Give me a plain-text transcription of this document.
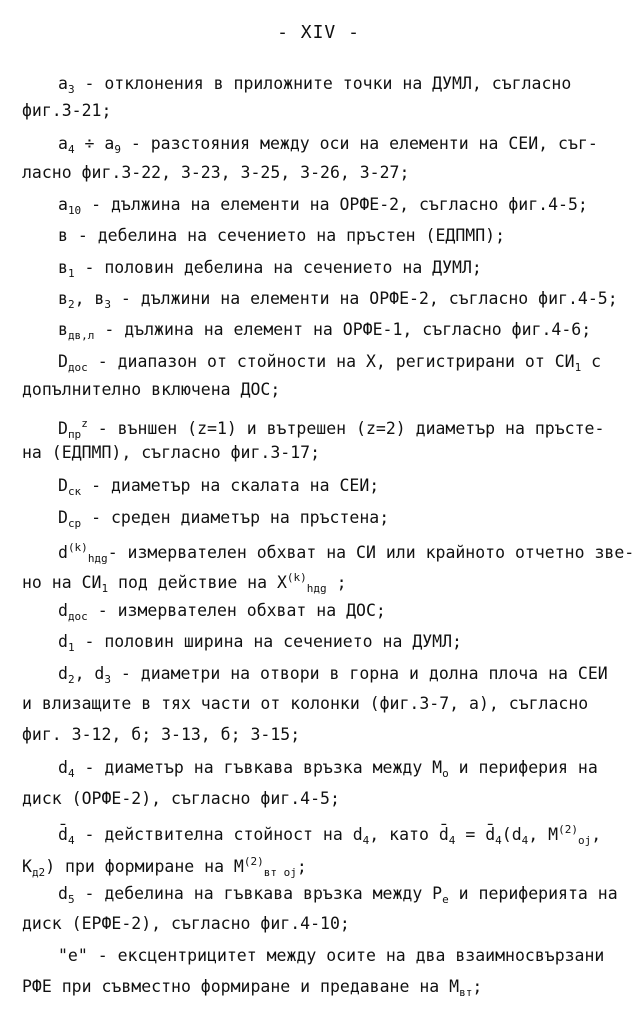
- XIV -
$a_3$ - отклонения в приложните точки на ДУМЛ, съгласно
фиг.3-21;
$a_4 \div a_9$ - разстояния между оси на елементи на СЕИ, съг-
ласно фиг.3-22, 3-23, 3-25, 3-26, 3-27;
$a_{10}$ - дължина на елементи на ОРФЕ-2, съгласно фиг.4-5;
в - дебелина на сечението на пръстен (ЕДПМП);
$в_1$ - половин дебелина на сечението на ДУМЛ;
$в_2$, $в_3$ - дължини на елементи на ОРФЕ-2, съгласно фиг.4-5;
$в_{дв,л}$ - дължина на елемент на ОРФЕ-1, съгласно фиг.4-6;
$D_{дос}$ - диапазон от стойности на X, регистрирани от $СИ_1$ с
допълнително включена ДОС;
$D_{пр}^z$ - външен (z=1) и вътрешен (z=2) диаметър на пръсте-
на (ЕДПМП), съгласно фиг.3-17;
$D_{ск}$ - диаметър на скалата на СЕИ;
$D_{ср}$ - среден диаметър на пръстена;
$d^{(k)}_{hдg}-$ измервателен обхват на СИ или крайното отчетно зве-
но на $СИ_1$ под действие на $X^{(k)}_{hдg}$ ;
$d_{дос}$ - измервателен обхват на ДОС;
$d_1$ - половин ширина на сечението на ДУМЛ;
$d_2$, $d_3$ - диаметри на отвори в горна и долна плоча на СЕИ
и влизащите в тях части от колонки (фиг.3-7, а), съгласно
фиг. 3-12, б; 3-13, б; 3-15;
$d_4$ - диаметър на гъвкава връзка между $M_o$ и периферия на
диск (ОРФЕ-2), съгласно фиг.4-5;
$d̄_4$ - действителна стойност на $d_4$, като $d̄_4$ = $d̄_4(d_4$, $M^{(2)}_{oj}$,
$K_{д2}$) при формиране на $M^{(2)}_{вт oj}$;
$d_5$ - дебелина на гъвкава връзка между $P_e$ и периферията на
диск (ЕРФЕ-2), съгласно фиг.4-10;
"e" - ексцентрицитет между осите на два взаимносвързани
РФЕ при съвместно формиране и предаване на $M_{вт}$;
